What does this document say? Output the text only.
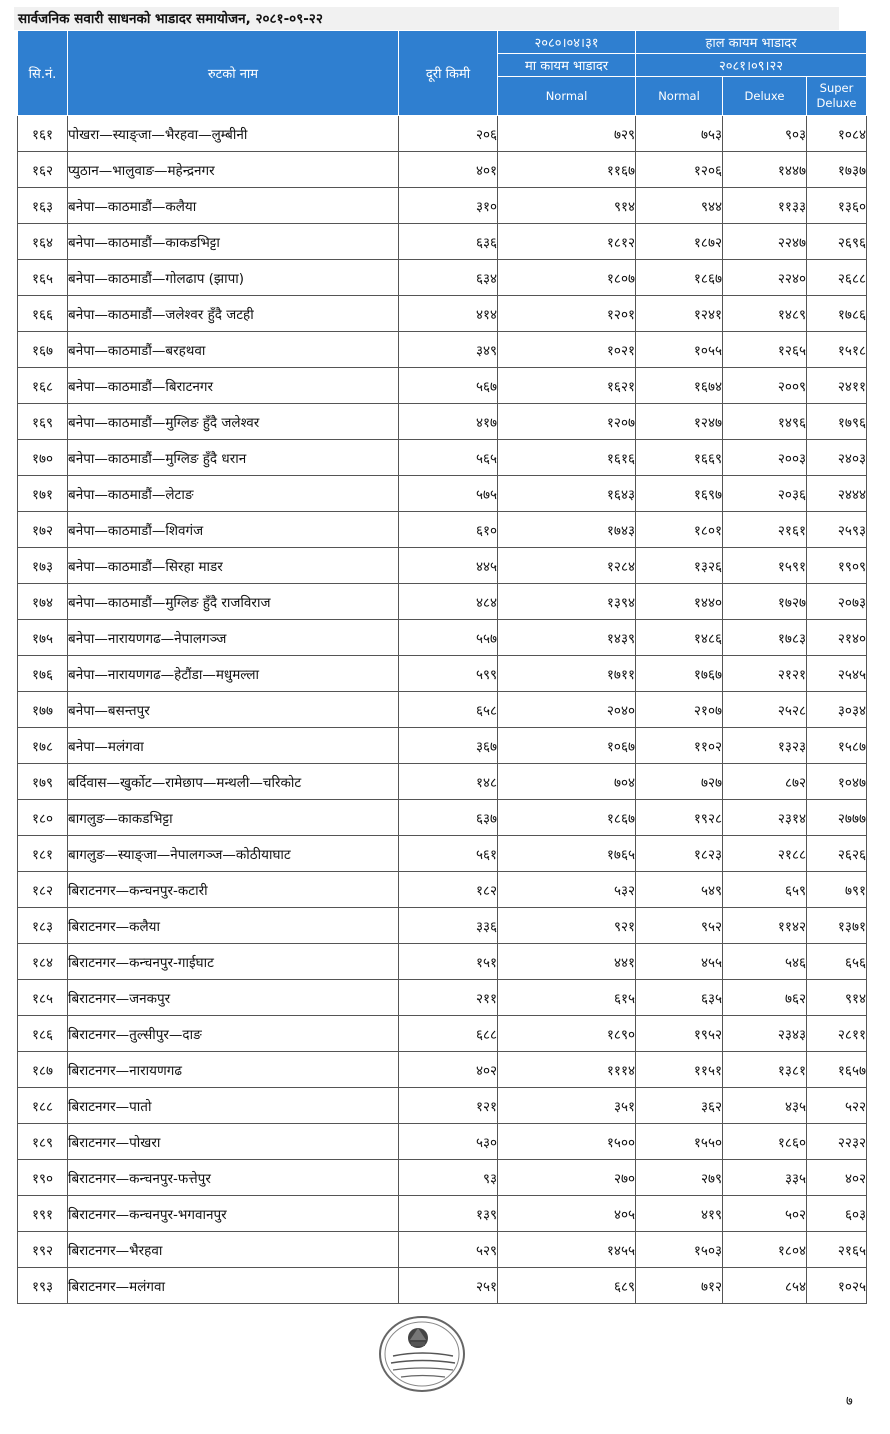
सार्वजनिक सवारी साधनको भाडादर समायोजन, २०८१-०९-२२
सि.नं.	रुटको नाम	दूरी किमी	२०८०।०४।३१	हाल कायम भाडादर		
			मा कायम भाडादर	२०८१।०९।२२		
			Normal	Normal	Deluxe	Super
Deluxe
१६१	पोखरा—स्याङ्जा—भैरहवा—लुम्बीनी	२०६	७२९	७५३	९०३	१०८४
१६२	प्युठान—भालुवाङ—महेन्द्रनगर	४०१	११६७	१२०६	१४४७	१७३७
१६३	बनेपा—काठमाडौं—कलैया	३१०	९१४	९४४	११३३	१३६०
१६४	बनेपा—काठमाडौं—काकडभिट्टा	६३६	१८१२	१८७२	२२४७	२६९६
१६५	बनेपा—काठमाडौं—गोलढाप (झापा)	६३४	१८०७	१८६७	२२४०	२६८८
१६६	बनेपा—काठमाडौं—जलेश्वर हुँदै जटही	४१४	१२०१	१२४१	१४८९	१७८६
१६७	बनेपा—काठमाडौं—बरहथवा	३४९	१०२१	१०५५	१२६५	१५१८
१६८	बनेपा—काठमाडौं—बिराटनगर	५६७	१६२१	१६७४	२००९	२४११
१६९	बनेपा—काठमाडौं—मुग्लिङ हुँदै जलेश्वर	४१७	१२०७	१२४७	१४९६	१७९६
१७०	बनेपा—काठमाडौं—मुग्लिङ हुँदै धरान	५६५	१६१६	१६६९	२००३	२४०३
१७१	बनेपा—काठमाडौं—लेटाङ	५७५	१६४३	१६९७	२०३६	२४४४
१७२	बनेपा—काठमाडौं—शिवगंज	६१०	१७४३	१८०१	२१६१	२५९३
१७३	बनेपा—काठमाडौं—सिरहा माडर	४४५	१२८४	१३२६	१५९१	१९०९
१७४	बनेपा—काठमाडौं—मुग्लिङ हुँदै राजविराज	४८४	१३९४	१४४०	१७२७	२०७३
१७५	बनेपा—नारायणगढ—नेपालगञ्ज	५५७	१४३९	१४८६	१७८३	२१४०
१७६	बनेपा—नारायणगढ—हेटौंडा—मधुमल्ला	५९९	१७११	१७६७	२१२१	२५४५
१७७	बनेपा—बसन्तपुर	६५८	२०४०	२१०७	२५२८	३०३४
१७८	बनेपा—मलंगवा	३६७	१०६७	११०२	१३२३	१५८७
१७९	बर्दिवास—खुर्कोट—रामेछाप—मन्थली—चरिकोट	१४८	७०४	७२७	८७२	१०४७
१८०	बागलुङ—काकडभिट्टा	६३७	१८६७	१९२८	२३१४	२७७७
१८१	बागलुङ—स्याङ्जा—नेपालगञ्ज—कोठीयाघाट	५६१	१७६५	१८२३	२१८८	२६२६
१८२	बिराटनगर—कन्चनपुर-कटारी	१८२	५३२	५४९	६५९	७९१
१८३	बिराटनगर—कलैया	३३६	९२१	९५२	११४२	१३७१
१८४	बिराटनगर—कन्चनपुर-गाईघाट	१५१	४४१	४५५	५४६	६५६
१८५	बिराटनगर—जनकपुर	२११	६१५	६३५	७६२	९१४
१८६	बिराटनगर—तुल्सीपुर—दाङ	६८८	१८९०	१९५२	२३४३	२८११
१८७	बिराटनगर—नारायणगढ	४०२	१११४	११५१	१३८१	१६५७
१८८	बिराटनगर—पातो	१२१	३५१	३६२	४३५	५२२
१८९	बिराटनगर—पोखरा	५३०	१५००	१५५०	१८६०	२२३२
१९०	बिराटनगर—कन्चनपुर-फत्तेपुर	९३	२७०	२७९	३३५	४०२
१९१	बिराटनगर—कन्चनपुर-भगवानपुर	१३९	४०५	४१९	५०२	६०३
१९२	बिराटनगर—भैरहवा	५२९	१४५५	१५०३	१८०४	२१६५
१९३	बिराटनगर—मलंगवा	२५१	६८९	७१२	८५४	१०२५
७
